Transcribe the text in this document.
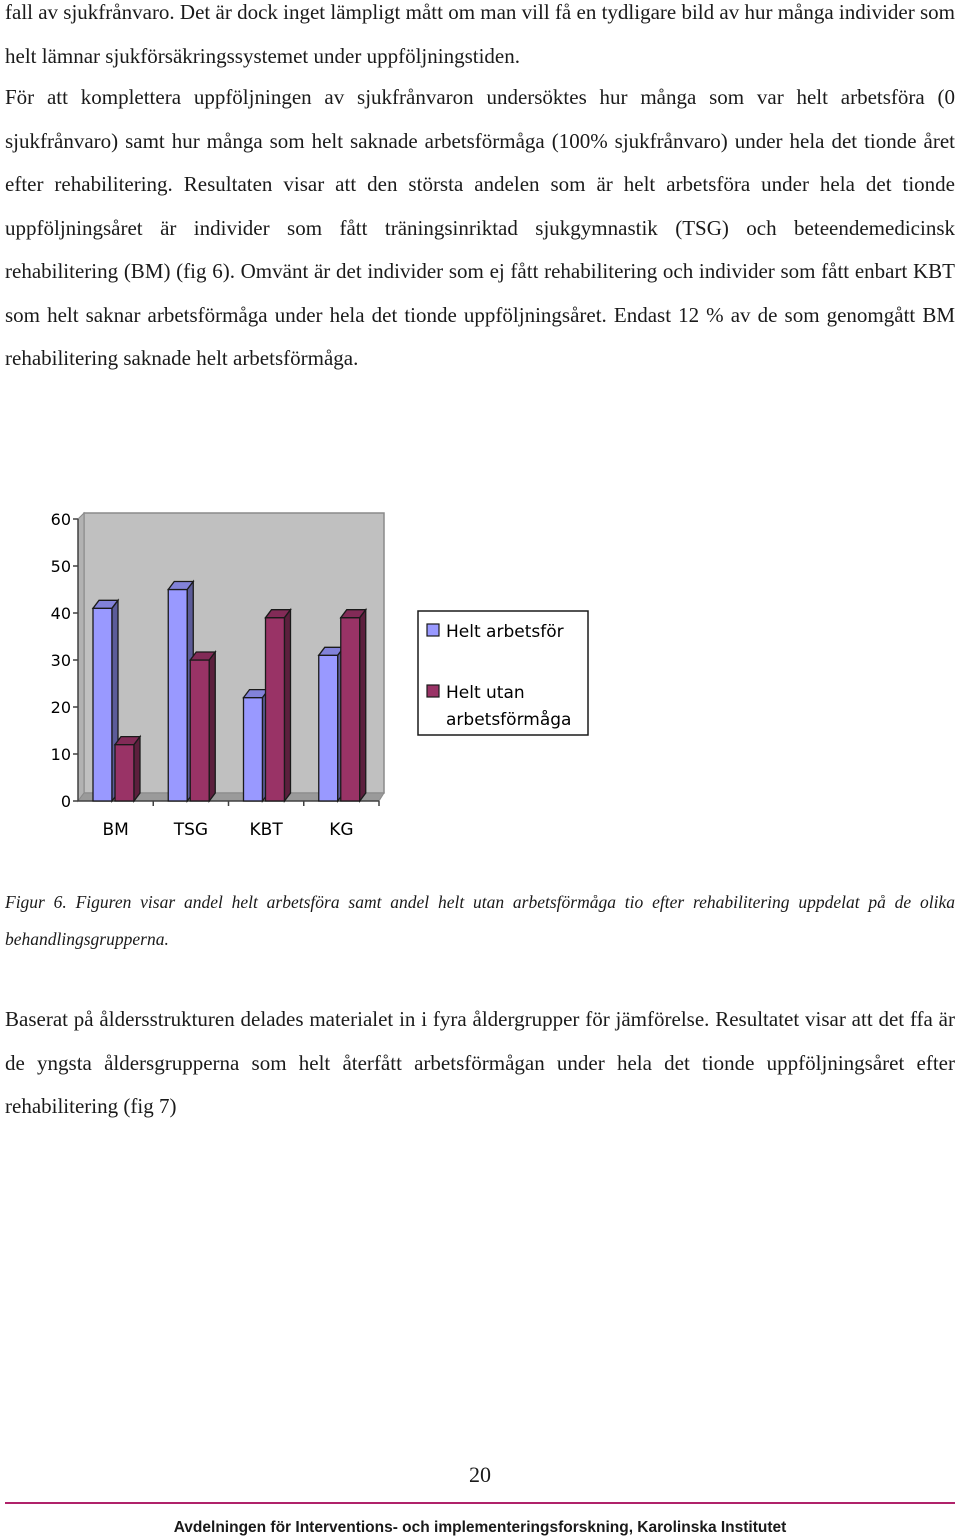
fall av sjukfrånvaro. Det är dock inget lämpligt mått om man vill få en tydligare bild av hur många individer som helt lämnar sjukförsäkringssystemet under uppföljningstiden.

För att komplettera uppföljningen av sjukfrånvaron undersöktes hur många som var helt arbetsföra (0 sjukfrånvaro) samt hur många som helt saknade arbetsförmåga (100% sjukfrånvaro) under hela det tionde året efter rehabilitering. Resultaten visar att den största andelen som är helt arbetsföra under hela det tionde uppföljningsåret är individer som fått träningsinriktad sjukgymnastik (TSG) och beteendemedicinsk rehabilitering (BM) (fig 6). Omvänt är det individer som ej fått rehabilitering och individer som fått enbart KBT som helt saknar arbetsförmåga under hela det tionde uppföljningsåret. Endast 12 % av de som genomgått BM rehabilitering saknade helt arbetsförmåga.

0
10
20
30
40
50
60
BM	TSG KBT	KG
Helt arbetsför
Helt utan
arbetsförmåga

Figur 6. Figuren visar andel helt arbetsföra samt andel helt utan arbetsförmåga tio efter rehabilitering uppdelat på de olika behandlingsgrupperna.

Baserat på åldersstrukturen delades materialet in i fyra åldergrupper för jämförelse. Resultatet visar att det ffa är de yngsta åldersgrupperna som helt återfått arbetsförmågan under hela det tionde uppföljningsåret efter rehabilitering (fig 7)

20
Avdelningen för Interventions- och implementeringsforskning, Karolinska Institutet
